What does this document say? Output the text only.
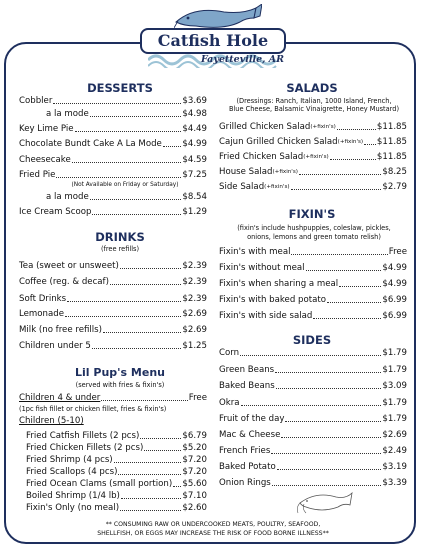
Catfish Hole
Fayetteville, AR
DESSERTS
Cobbler	$3.69
a la mode	$4.98
Key Lime Pie	$4.49
Chocolate Bundt Cake A La Mode $4.99
Cheesecake	$4.59
Fried Pie	$7.25
(Not Available on Friday or Saturday)
a la mode	$8.54
Ice Cream Scoop	$1.29
DRINKS
(free refills)
Tea (sweet or unsweet)	$2.39
Coffee (reg. & decaf)	$2.39
Soft Drinks	$2.39
Lemonade	$2.69
Milk (no free refills)	$2.69
Children under 5	$1.25
Lil Pup's Menu
(served with fries & fixin's)
Children 4 & under	Free
(1pc fish fillet or chicken fillet, fries & fixin's)
Children (5-10)
Fried Catfish Fillets (2 pcs)	$6.79
Fried Chicken Fillets (2 pcs)	$5.20
Fried Shrimp (4 pcs)	$7.20
Fried Scallops (4 pcs)	$7.20
Fried Ocean Clams (small portion) $5.60
Boiled Shrimp (1/4 lb)	$7.10
Fixin's Only (no meal)	$2.60
SALADS
(Dressings: Ranch, Italian, 1000 Island, French,
Blue Cheese, Balsamic Vinaigrette, Honey Mustard)
Grilled Chicken Salad (+fixin's)	$11.85
Cajun Grilled Chicken Salad (+fixin's) $11.85
Fried Chicken Salad (+fixin's)	$11.85
House Salad (+fixin's)	$8.25
Side Salad (+fixin's)	$2.79
FIXIN'S
(fixin's include hushpuppies, coleslaw, pickles,
onions, lemons and green tomato relish)
Fixin's with meal	Free
Fixin's without meal	$4.99
Fixin's when sharing a meal	$4.99
Fixin's with baked potato	$6.99
Fixin's with side salad	$6.99
SIDES
Corn	$1.79
Green Beans	$1.79
Baked Beans	$3.09
Okra	$1.79
Fruit of the day	$1.79
Mac & Cheese	$2.69
French Fries	$2.49
Baked Potato	$3.19
Onion Rings	$3.39
** CONSUMING RAW OR UNDERCOOKED MEATS, POULTRY, SEAFOOD,
SHELLFISH, OR EGGS MAY INCREASE THE RISK OF FOOD BORNE ILLNESS**
